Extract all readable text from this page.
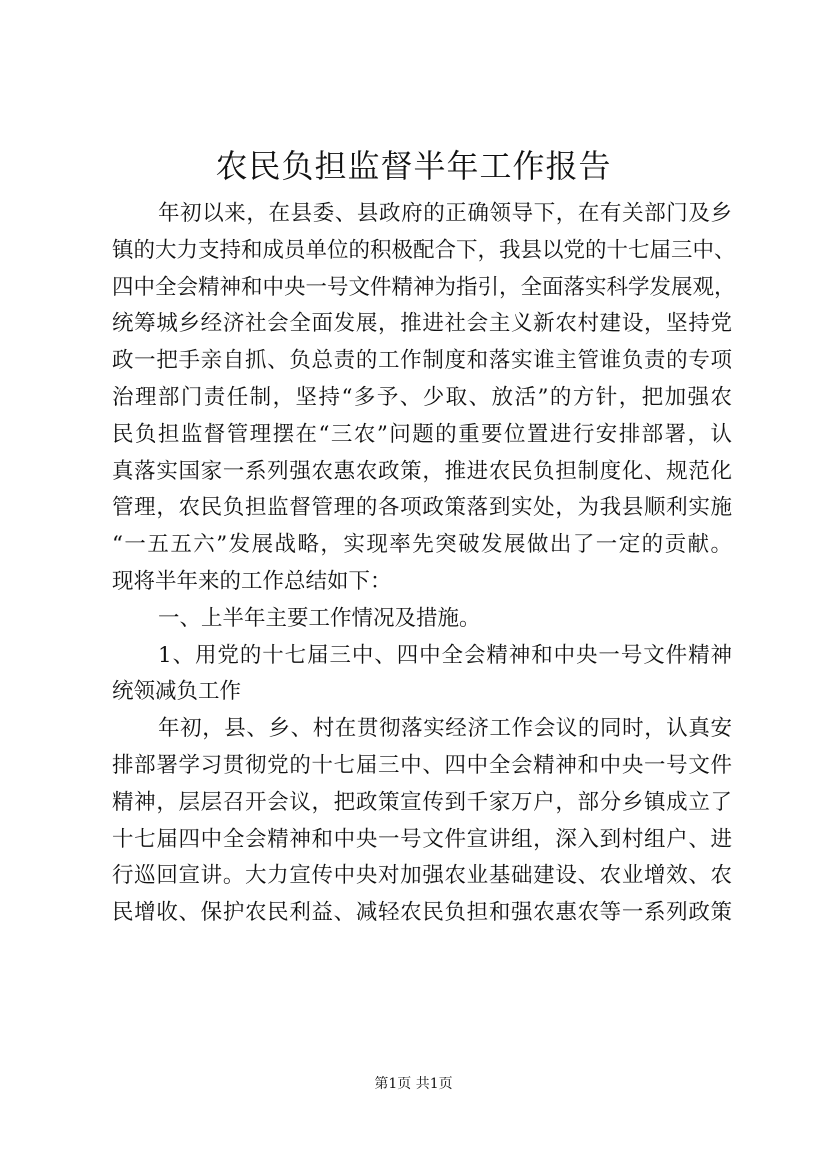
农民负担监督半年工作报告
年初以来，在县委、县政府的正确领导下，在有关部门及乡
镇的大力支持和成员单位的积极配合下，我县以党的十七届三中、
四中全会精神和中央一号文件精神为指引，全面落实科学发展观，
统筹城乡经济社会全面发展，推进社会主义新农村建设，坚持党
政一把手亲自抓、负总责的工作制度和落实谁主管谁负责的专项
治理部门责任制，坚持“多予、少取、放活”的方针，把加强农
民负担监督管理摆在“三农”问题的重要位置进行安排部署，认
真落实国家一系列强农惠农政策，推进农民负担制度化、规范化
管理，农民负担监督管理的各项政策落到实处，为我县顺利实施
“一五五六”发展战略，实现率先突破发展做出了一定的贡献。
现将半年来的工作总结如下：
一、上半年主要工作情况及措施。
1、用党的十七届三中、四中全会精神和中央一号文件精神
统领减负工作
年初，县、乡、村在贯彻落实经济工作会议的同时，认真安
排部署学习贯彻党的十七届三中、四中全会精神和中央一号文件
精神，层层召开会议，把政策宣传到千家万户，部分乡镇成立了
十七届四中全会精神和中央一号文件宣讲组，深入到村组户、进
行巡回宣讲。大力宣传中央对加强农业基础建设、农业增效、农
民增收、保护农民利益、减轻农民负担和强农惠农等一系列政策
第1页 共1页
